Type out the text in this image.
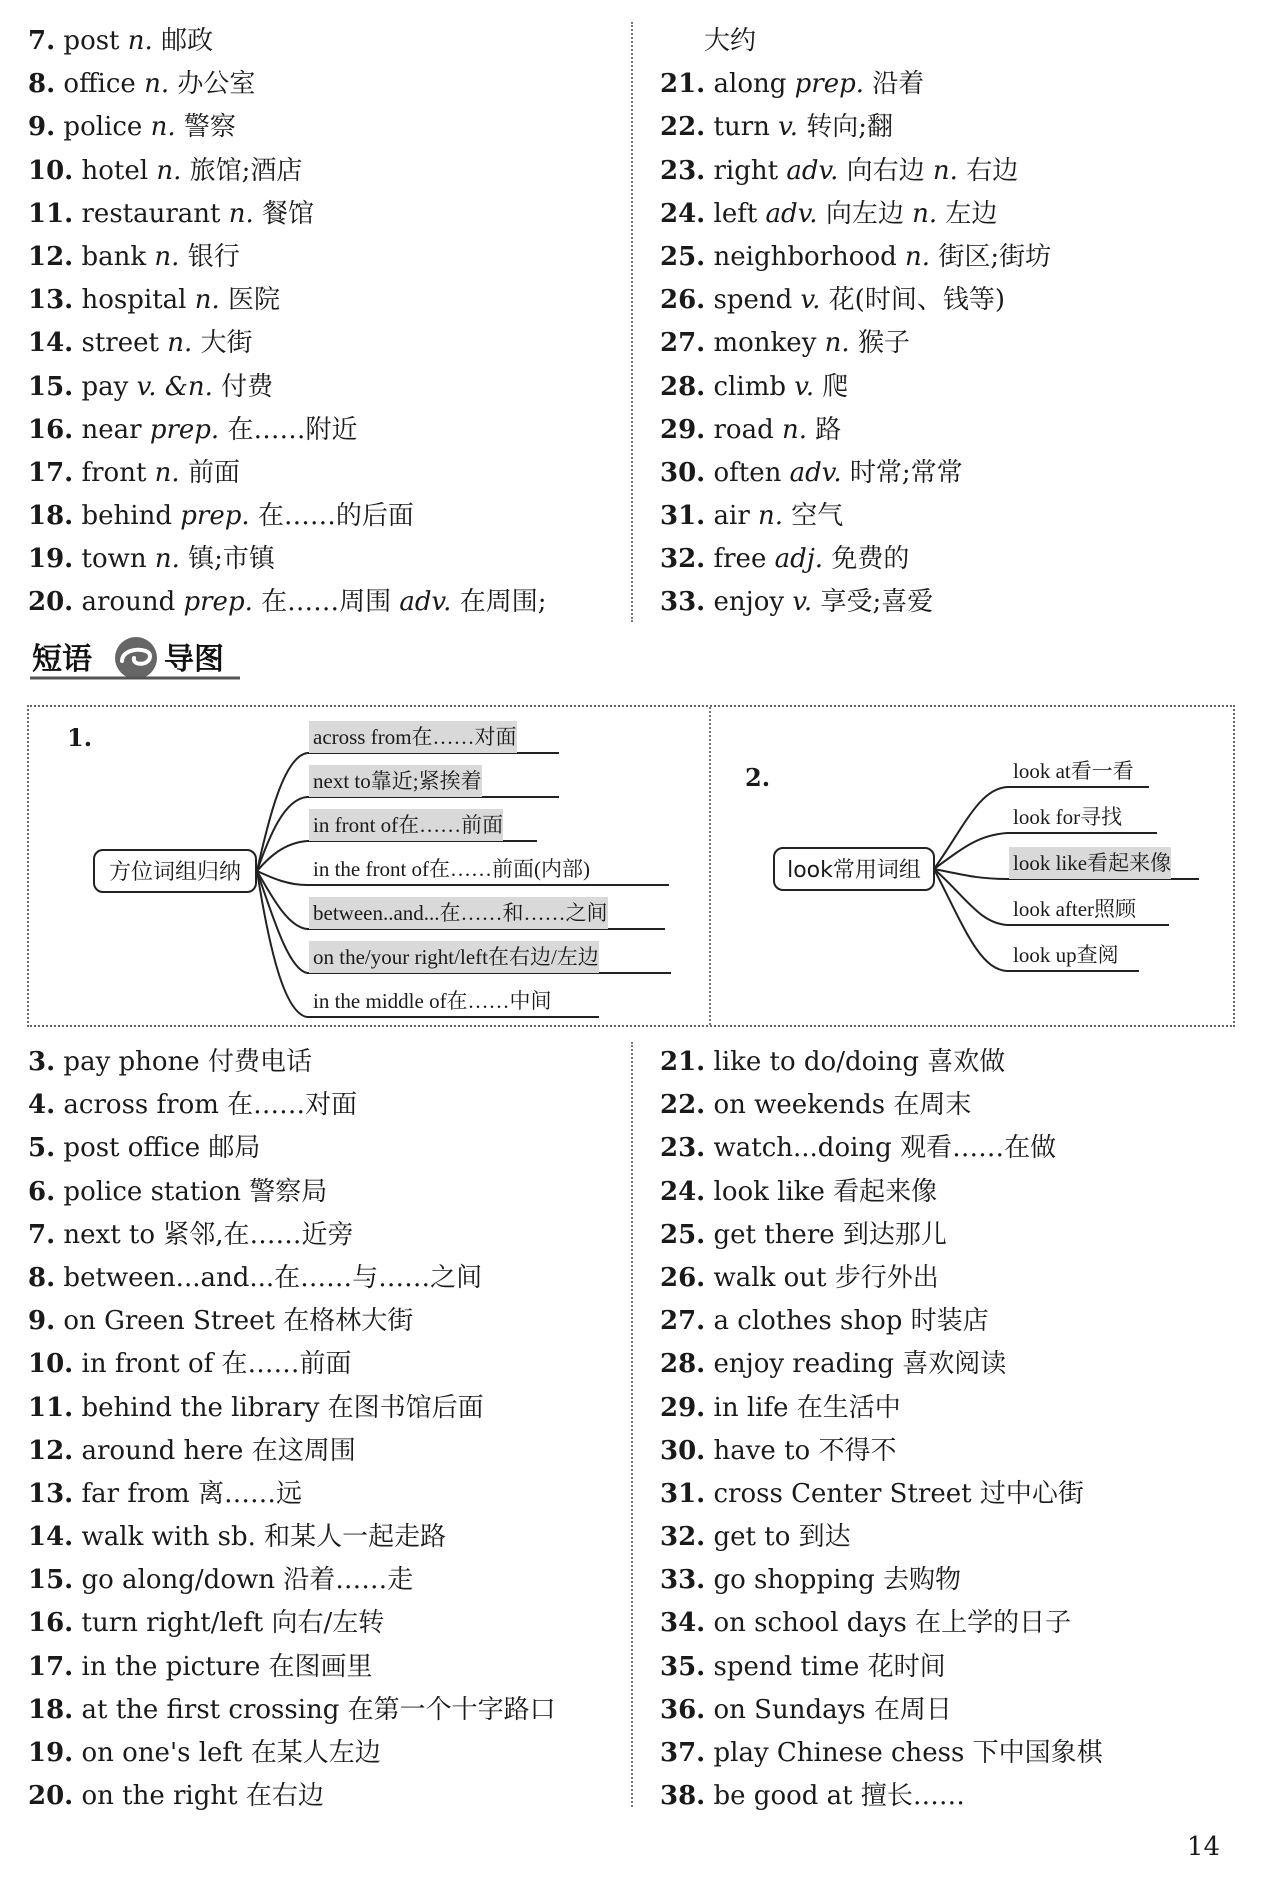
7. post n. 邮政
8. office n. 办公室
9. police n. 警察
10. hotel n. 旅馆;酒店
11. restaurant n. 餐馆
12. bank n. 银行
13. hospital n. 医院
14. street n. 大街
15. pay v. &n. 付费
16. near prep. 在……附近
17. front n. 前面
18. behind prep. 在……的后面
19. town n. 镇;市镇
20. around prep. 在……周围 adv. 在周围;
大约
21. along prep. 沿着
22. turn v. 转向;翻
23. right adv. 向右边 n. 右边
24. left adv. 向左边 n. 左边
25. neighborhood n. 街区;街坊
26. spend v. 花(时间、钱等)
27. monkey n. 猴子
28. climb v. 爬
29. road n. 路
30. often adv. 时常;常常
31. air n. 空气
32. free adj. 免费的
33. enjoy v. 享受;喜爱
短语 导图
1.
方位词组归纳
across from在……对面
next to靠近;紧挨着
in front of在……前面
in the front of在……前面(内部)
between..and...在……和……之间
on the/your right/left在右边/左边
in the middle of在……中间
2.
look常用词组
look at看一看
look for寻找
look like看起来像
look after照顾
look up查阅
3. pay phone 付费电话
4. across from 在……对面
5. post office 邮局
6. police station 警察局
7. next to 紧邻,在……近旁
8. between...and...在……与……之间
9. on Green Street 在格林大街
10. in front of 在……前面
11. behind the library 在图书馆后面
12. around here 在这周围
13. far from 离……远
14. walk with sb. 和某人一起走路
15. go along/down 沿着……走
16. turn right/left 向右/左转
17. in the picture 在图画里
18. at the first crossing 在第一个十字路口
19. on one's left 在某人左边
20. on the right 在右边
21. like to do/doing 喜欢做
22. on weekends 在周末
23. watch...doing 观看……在做
24. look like 看起来像
25. get there 到达那儿
26. walk out 步行外出
27. a clothes shop 时装店
28. enjoy reading 喜欢阅读
29. in life 在生活中
30. have to 不得不
31. cross Center Street 过中心街
32. get to 到达
33. go shopping 去购物
34. on school days 在上学的日子
35. spend time 花时间
36. on Sundays 在周日
37. play Chinese chess 下中国象棋
38. be good at 擅长……
14
